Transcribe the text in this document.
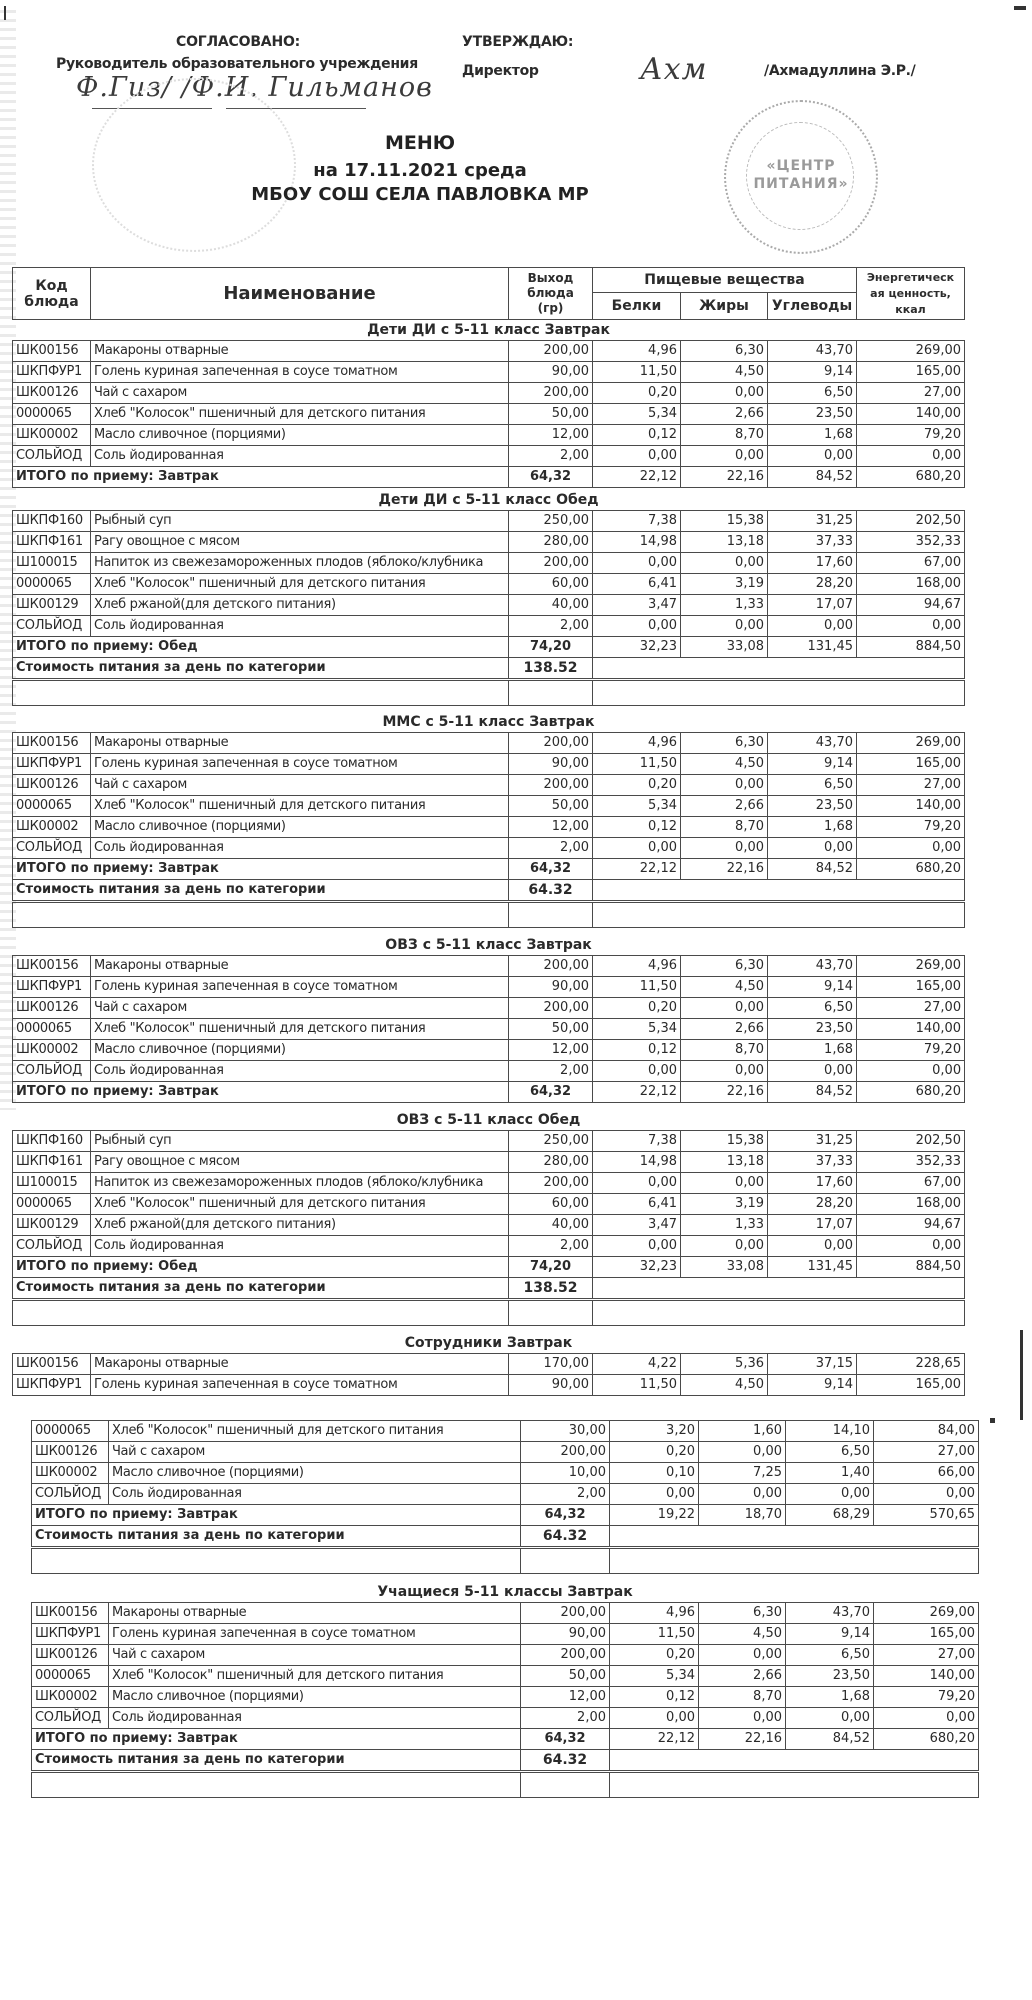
СОГЛАСОВАНО:
Руководитель образовательного учреждения
Ф.Гиз/ /Ф.И. Гильманов
УТВЕРЖДАЮ:
Директор	Ахм	/Ахмадуллина Э.Р./
«ЦЕНТР
ПИТАНИЯ»
МЕНЮ
на 17.11.2021 среда
МБОУ СОШ СЕЛА ПАВЛОВКА МР
Код
блюда	Наименование	
Выход
блюда
(гр)
	Пищевые вещества	Энергетическ
ая ценность,
ккал

			Белки	Жиры	Углеводы	
Дети ДИ с 5-11 класс Завтрак						
ШК00156	Макароны отварные	200,00	4,96	6,30	43,70	269,00
ШКПФУР1	Голень куриная запеченная в соусе томатном	90,00	11,50	4,50	9,14	165,00
ШК00126	Чай с сахаром	200,00	0,20	0,00	6,50	27,00
0000065	Хлеб "Колосок" пшеничный для детского питания	50,00	5,34	2,66	23,50	140,00
ШК00002	Масло сливочное (порциями)	12,00	0,12	8,70	1,68	79,20
СОЛЬЙОД	Соль йодированная	2,00	0,00	0,00	0,00	0,00
ИТОГО по приему: Завтрак		64,32	22,12	22,16	84,52	680,20
Дети ДИ с 5-11 класс Обед						
ШКПФ160	Рыбный суп	250,00	7,38	15,38	31,25	202,50
ШКПФ161	Рагу овощное с мясом	280,00	14,98	13,18	37,33	352,33
Ш100015	Напиток из свежезамороженных плодов (яблоко/клубника	200,00	0,00	0,00	17,60	67,00
0000065	Хлеб "Колосок" пшеничный для детского питания	60,00	6,41	3,19	28,20	168,00
ШК00129	Хлеб ржаной(для детского питания)	40,00	3,47	1,33	17,07	94,67
СОЛЬЙОД	Соль йодированная	2,00	0,00	0,00	0,00	0,00
ИТОГО по приему: Обед		74,20	32,23	33,08	131,45	884,50
Стоимость питания за день по категории		138.52				

ММС с 5-11 класс Завтрак						
ШК00156	Макароны отварные	200,00	4,96	6,30	43,70	269,00
ШКПФУР1	Голень куриная запеченная в соусе томатном	90,00	11,50	4,50	9,14	165,00
ШК00126	Чай с сахаром	200,00	0,20	0,00	6,50	27,00
0000065	Хлеб "Колосок" пшеничный для детского питания	50,00	5,34	2,66	23,50	140,00
ШК00002	Масло сливочное (порциями)	12,00	0,12	8,70	1,68	79,20
СОЛЬЙОД	Соль йодированная	2,00	0,00	0,00	0,00	0,00
ИТОГО по приему: Завтрак		64,32	22,12	22,16	84,52	680,20
Стоимость питания за день по категории		64.32				

ОВЗ с 5-11 класс Завтрак						
ШК00156	Макароны отварные	200,00	4,96	6,30	43,70	269,00
ШКПФУР1	Голень куриная запеченная в соусе томатном	90,00	11,50	4,50	9,14	165,00
ШК00126	Чай с сахаром	200,00	0,20	0,00	6,50	27,00
0000065	Хлеб "Колосок" пшеничный для детского питания	50,00	5,34	2,66	23,50	140,00
ШК00002	Масло сливочное (порциями)	12,00	0,12	8,70	1,68	79,20
СОЛЬЙОД	Соль йодированная	2,00	0,00	0,00	0,00	0,00
ИТОГО по приему: Завтрак		64,32	22,12	22,16	84,52	680,20
ОВЗ с 5-11 класс Обед						
ШКПФ160	Рыбный суп	250,00	7,38	15,38	31,25	202,50
ШКПФ161	Рагу овощное с мясом	280,00	14,98	13,18	37,33	352,33
Ш100015	Напиток из свежезамороженных плодов (яблоко/клубника	200,00	0,00	0,00	17,60	67,00
0000065	Хлеб "Колосок" пшеничный для детского питания	60,00	6,41	3,19	28,20	168,00
ШК00129	Хлеб ржаной(для детского питания)	40,00	3,47	1,33	17,07	94,67
СОЛЬЙОД	Соль йодированная	2,00	0,00	0,00	0,00	0,00
ИТОГО по приему: Обед		74,20	32,23	33,08	131,45	884,50
Стоимость питания за день по категории		138.52				

Сотрудники Завтрак						
ШК00156	Макароны отварные	170,00	4,22	5,36	37,15	228,65
ШКПФУР1	Голень куриная запеченная в соусе томатном	90,00	11,50	4,50	9,14	165,00
0000065	Хлеб "Колосок" пшеничный для детского питания	30,00	3,20	1,60	14,10	84,00
ШК00126	Чай с сахаром	200,00	0,20	0,00	6,50	27,00
ШК00002	Масло сливочное (порциями)	10,00	0,10	7,25	1,40	66,00
СОЛЬЙОД	Соль йодированная	2,00	0,00	0,00	0,00	0,00
ИТОГО по приему: Завтрак		64,32	19,22	18,70	68,29	570,65
Стоимость питания за день по категории		64.32				

Учащиеся 5-11 классы Завтрак						
ШК00156	Макароны отварные	200,00	4,96	6,30	43,70	269,00
ШКПФУР1	Голень куриная запеченная в соусе томатном	90,00	11,50	4,50	9,14	165,00
ШК00126	Чай с сахаром	200,00	0,20	0,00	6,50	27,00
0000065	Хлеб "Колосок" пшеничный для детского питания	50,00	5,34	2,66	23,50	140,00
ШК00002	Масло сливочное (порциями)	12,00	0,12	8,70	1,68	79,20
СОЛЬЙОД	Соль йодированная	2,00	0,00	0,00	0,00	0,00
ИТОГО по приему: Завтрак		64,32	22,12	22,16	84,52	680,20
Стоимость питания за день по категории		64.32				
